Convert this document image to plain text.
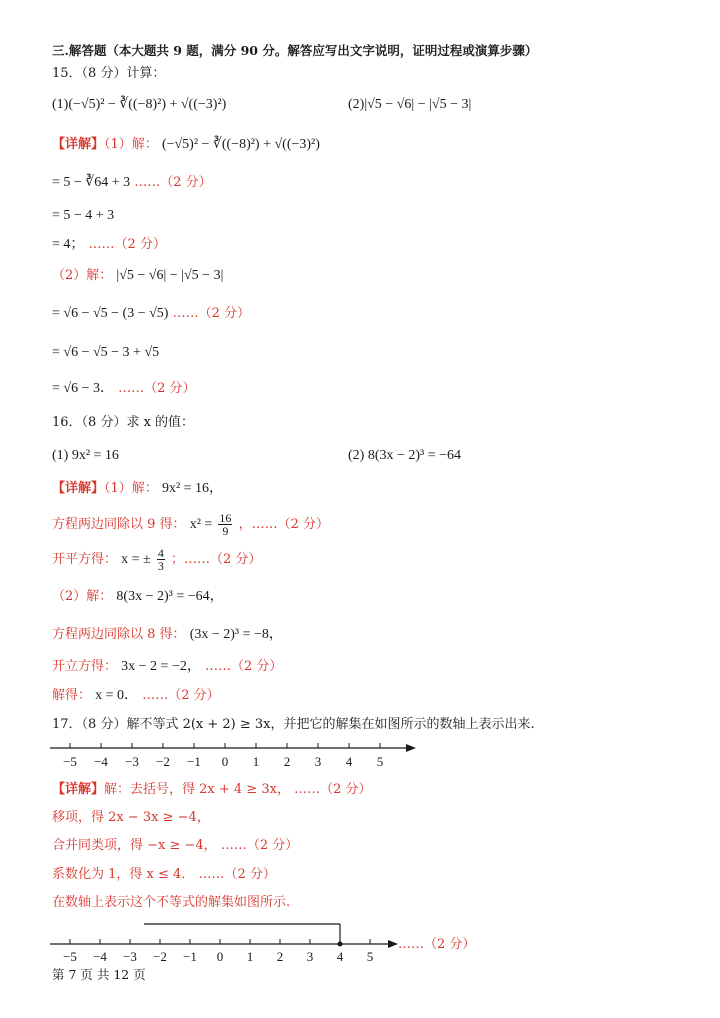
三.解答题（本大题共 9 题，满分 90 分。解答应写出文字说明，证明过程或演算步骤）
15．（8 分）计算：
(1)(−√5)² − ∛((−8)²) + √((−3)²)	(2)|√5 − √6| − |√5 − 3|
【详解】（1）解： (−√5)² − ∛((−8)²) + √((−3)²)
= 5 − ∛64 + 3 ……（2 分）
= 5 − 4 + 3
= 4； ……（2 分）
（2）解： |√5 − √6| − |√5 − 3|
= √6 − √5 − (3 − √5) ……（2 分）
= √6 − √5 − 3 + √5
= √6 − 3． ……（2 分）
16．（8 分）求 x 的值：
(1) 9x² = 16	(2) 8(3x − 2)³ = −64
【详解】（1）解： 9x² = 16，
方程两边同除以 9 得： $x^2 = \frac{16}{9}$ ，……（2 分）
开平方得： x = ± $\frac{4}{3}$ ；……（2 分）
（2）解： 8(3x − 2)³ = −64，
方程两边同除以 8 得： (3x − 2)³ = −8，
开立方得： 3x − 2 = −2， ……（2 分）
解得： x = 0． ……（2 分）
17．（8 分）解不等式 2(x + 2) ≥ 3x，并把它的解集在如图所示的数轴上表示出来.
−5 −4 −3 −2 −1 0 1 2 3 4 5
【详解】解：去括号，得 2x + 4 ≥ 3x， ……（2 分）
移项，得 2x − 3x ≥ −4，
合并同类项，得 −x ≥ −4， ……（2 分）
系数化为 1，得 x ≤ 4． ……（2 分）
在数轴上表示这个不等式的解集如图所示.
−5 −4 −3 −2 −1 0 1 2 3 4 5
……（2 分）
第 7 页 共 12 页
